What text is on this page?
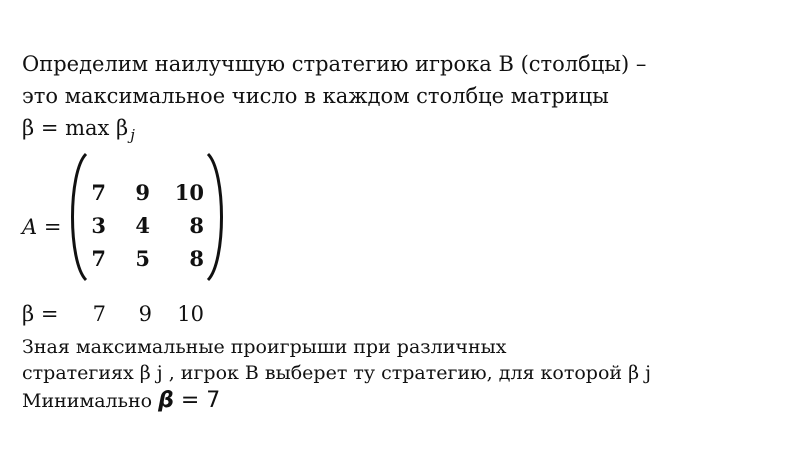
Определим наилучшую стратегию игрока В (столбцы) –
это максимальное число в каждом столбце матрицы
β = max β $_j$
A =
7	9	10
3	4	8
7	5	8
β =	7	9	10
Зная максимальные проигрыши при различных
стратегиях β j , игрок В выберет ту стратегию, для которой β j
Минимально β = 7
